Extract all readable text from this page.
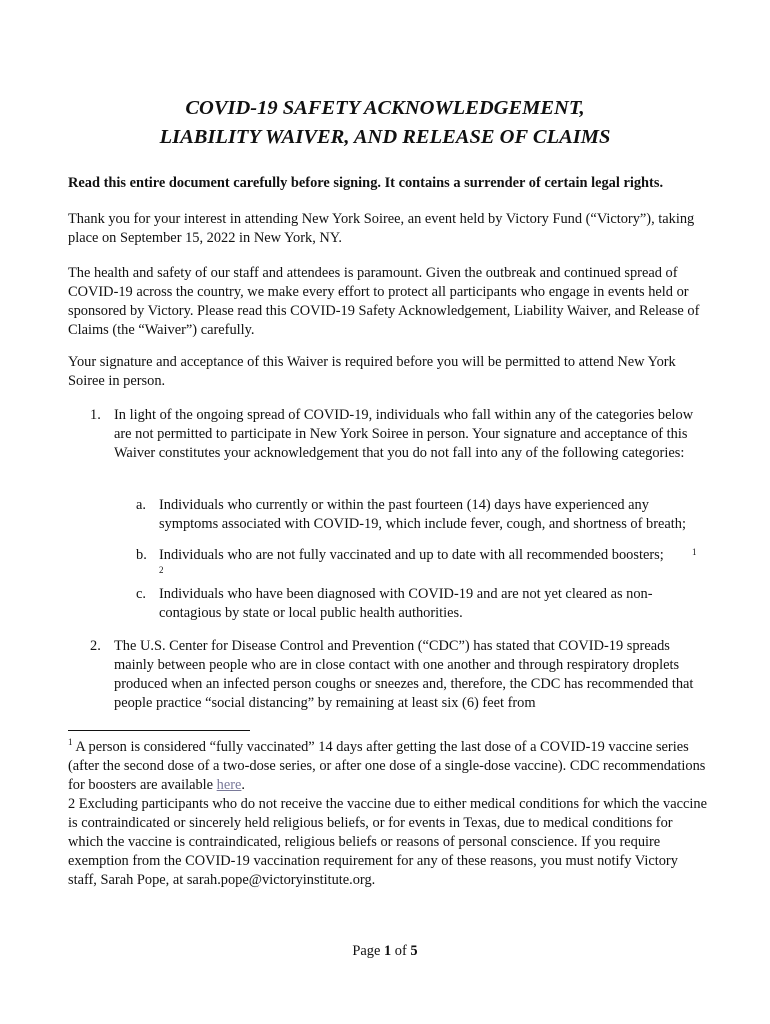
COVID-19 SAFETY ACKNOWLEDGEMENT,
LIABILITY WAIVER, AND RELEASE OF CLAIMS

Read this entire document carefully before signing. It contains a surrender of certain legal rights.

Thank you for your interest in attending New York Soiree, an event held by Victory Fund (“Victory”), taking place on September 15, 2022 in New York, NY.

The health and safety of our staff and attendees is paramount. Given the outbreak and continued spread of COVID-19 across the country, we make every effort to protect all participants who engage in events held or sponsored by Victory. Please read this COVID-19 Safety Acknowledgement, Liability Waiver, and Release of Claims (the “Waiver”) carefully.

Your signature and acceptance of this Waiver is required before you will be permitted to attend New York Soiree in person.

1. In light of the ongoing spread of COVID-19, individuals who fall within any of the categories below are not permitted to participate in New York Soiree in person. Your signature and acceptance of this Waiver constitutes your acknowledgement that you do not fall into any of the following categories:
a. Individuals who currently or within the past fourteen (14) days have experienced any symptoms associated with COVID-19, which include fever, cough, and shortness of breath;
b. Individuals who are not fully vaccinated and up to date with all recommended boosters;	1
2
c. Individuals who have been diagnosed with COVID-19 and are not yet cleared as non-contagious by state or local public health authorities.
2. The U.S. Center for Disease Control and Prevention (“CDC”) has stated that COVID-19 spreads mainly between people who are in close contact with one another and through respiratory droplets produced when an infected person coughs or sneezes and, therefore, the CDC has recommended that people practice “social distancing” by remaining at least six (6) feet from

$^1$ A person is considered “fully vaccinated” 14 days after getting the last dose of a COVID-19 vaccine series (after the second dose of a two-dose series, or after one dose of a single-dose vaccine). CDC recommendations for boosters are available here.

2 Excluding participants who do not receive the vaccine due to either medical conditions for which the vaccine is contraindicated or sincerely held religious beliefs, or for events in Texas, due to medical conditions for which the vaccine is contraindicated, religious beliefs or reasons of personal conscience. If you require exemption from the COVID-19 vaccination requirement for any of these reasons, you must notify Victory staff, Sarah Pope, at sarah.pope@victoryinstitute.org.

Page 1 of 5
